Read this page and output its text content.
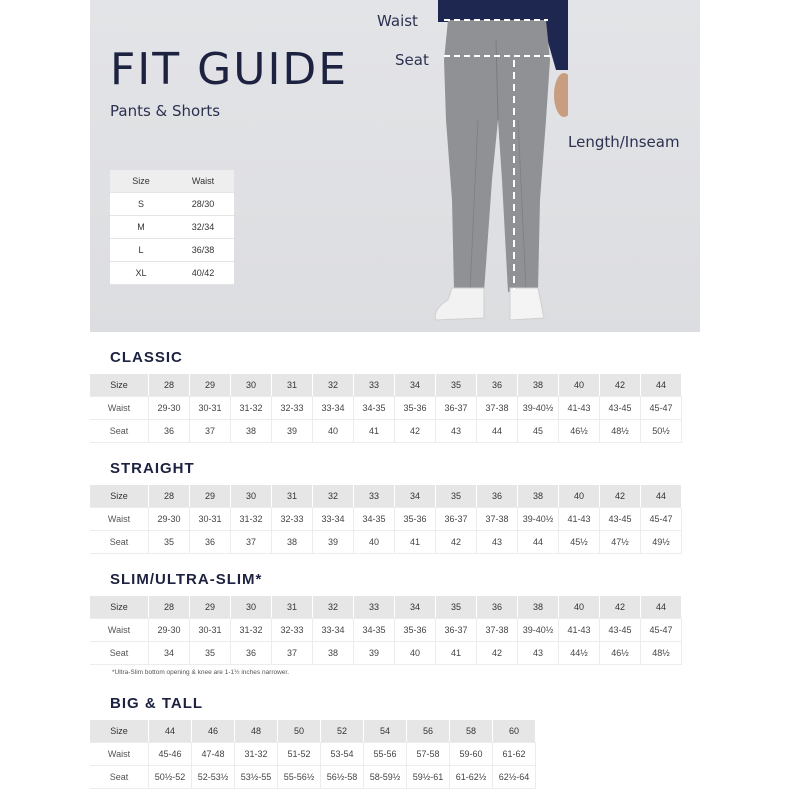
FIT GUIDE
Pants & Shorts
Size	Waist
S	28/30
M	32/34
L	36/38
XL	40/42
Waist
Seat
Length/Inseam
CLASSIC
Size	28	29	30	31	32	33	34	35	36	38	40	42	44
Waist	29-30	30-31	31-32	32-33	33-34	34-35	35-36	36-37	37-38	39-40½	41-43	43-45	45-47
Seat	36	37	38	39	40	41	42	43	44	45	46½	48½	50½
STRAIGHT
Size	28	29	30	31	32	33	34	35	36	38	40	42	44
Waist	29-30	30-31	31-32	32-33	33-34	34-35	35-36	36-37	37-38	39-40½	41-43	43-45	45-47
Seat	35	36	37	38	39	40	41	42	43	44	45½	47½	49½
SLIM/ULTRA-SLIM*
Size	28	29	30	31	32	33	34	35	36	38	40	42	44
Waist	29-30	30-31	31-32	32-33	33-34	34-35	35-36	36-37	37-38	39-40½	41-43	43-45	45-47
Seat	34	35	36	37	38	39	40	41	42	43	44½	46½	48½
*Ultra-Slim bottom opening & knee are 1-1½ inches narrower.
BIG & TALL
Size	44	46	48	50	52	54	56	58	60
Waist	45-46	47-48	31-32	51-52	53-54	55-56	57-58	59-60	61-62
Seat	50½-52	52-53½	53½-55	55-56½	56½-58	58-59½	59½-61	61-62½	62½-64
